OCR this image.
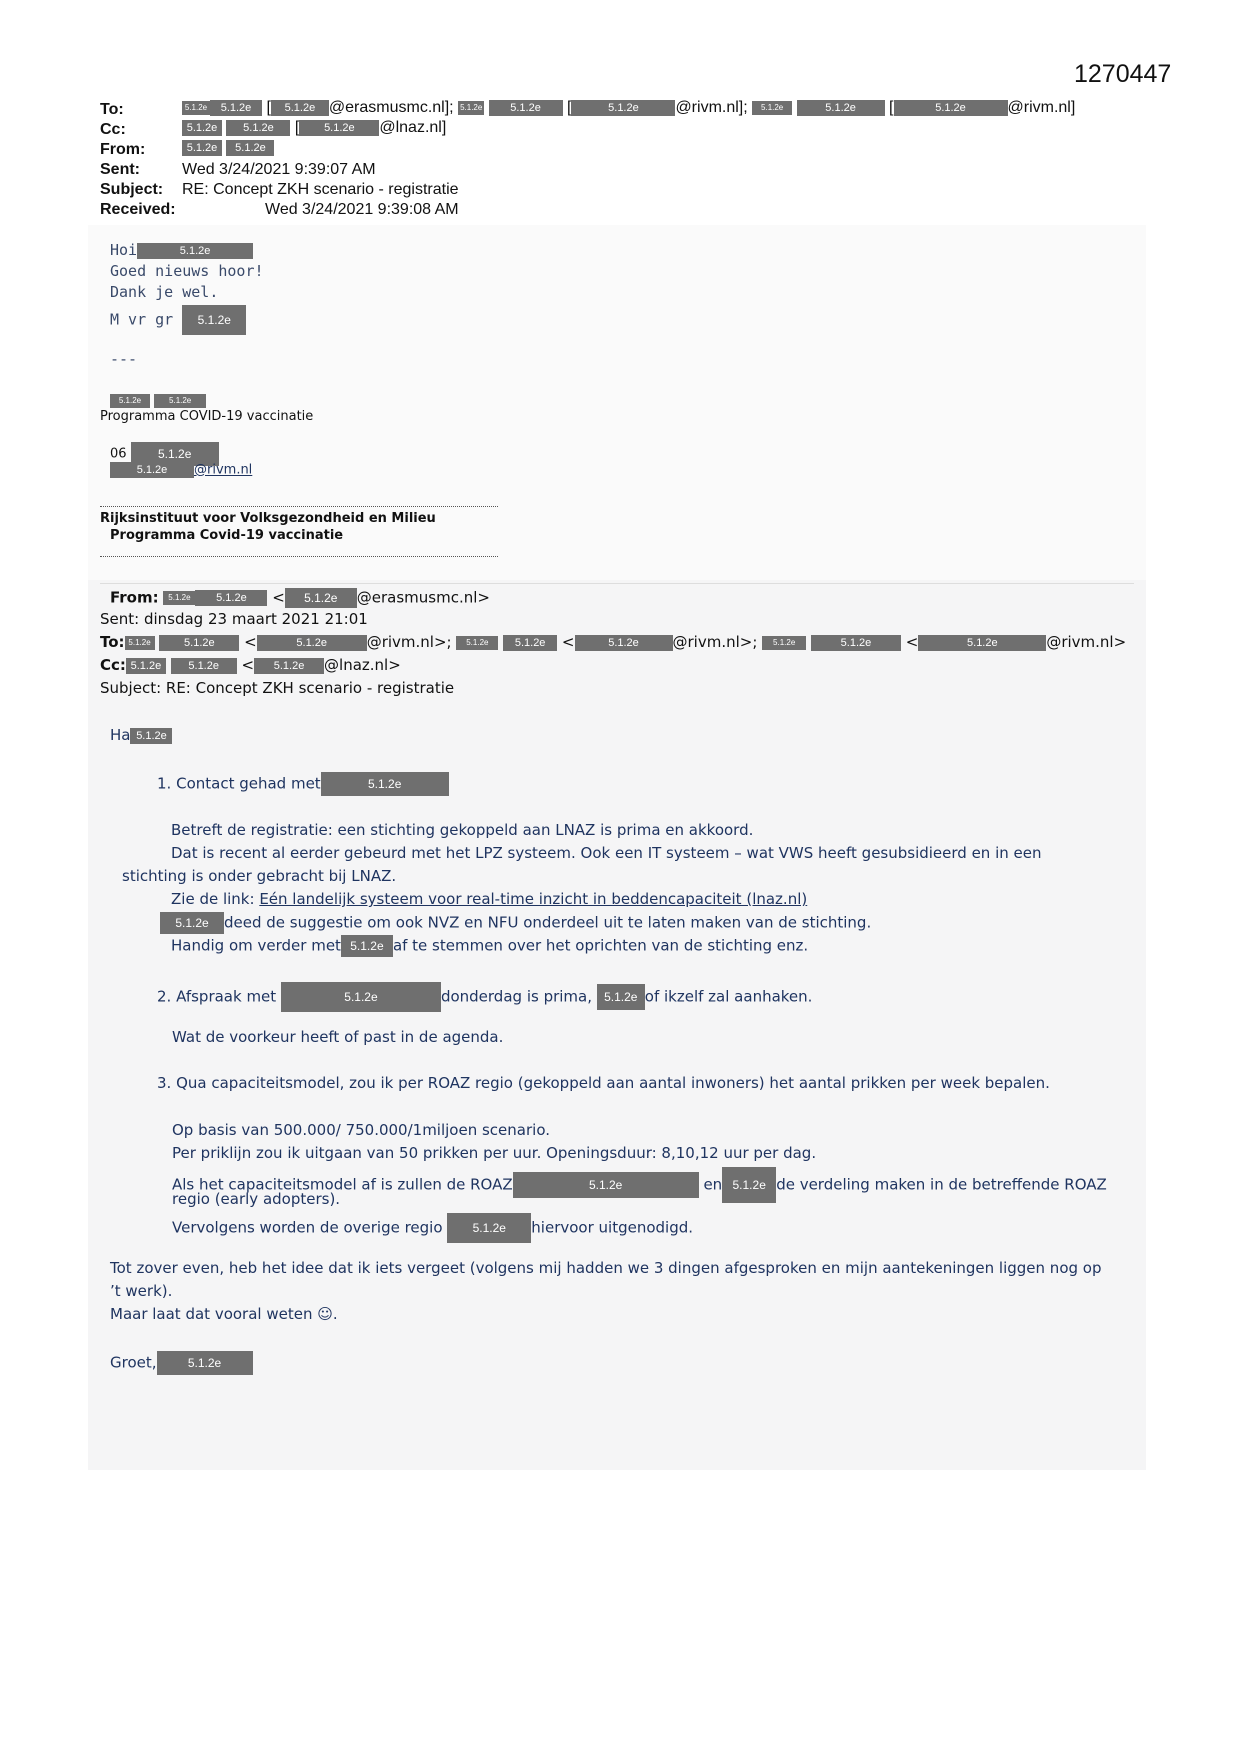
1270447
To:	5.1.2e 5.1.2e [ 5.1.2e @erasmusmc.nl]; 5.1.2e	5.1.2e [	5.1.2e @rivm.nl]; 5.1.2e	5.1.2e [	5.1.2e	@rivm.nl]
Cc:	5.1.2e 5.1.2e [ 5.1.2e @lnaz.nl]
From:	5.1.2e 5.1.2e
Sent:	Wed 3/24/2021 9:39:07 AM
Subject: RE: Concept ZKH scenario - registratie
Received:	Wed 3/24/2021 9:39:08 AM
Hoi	5.1.2e
Goed nieuws hoor!
Dank je wel.
M vr gr 5.1.2e
---
5.1.2e	5.1.2e
Programma COVID-19 vaccinatie
06	5.1.2e
5.1.2e @rivm.nl
Rijksinstituut voor Volksgezondheid en Milieu
Programma Covid-19 vaccinatie
From: 5.1.2e 5.1.2e < 5.1.2e @erasmusmc.nl>
Sent: dinsdag 23 maart 2021 21:01
To: 5.1.2e	5.1.2e <	5.1.2e	@rivm.nl>; 5.1.2e 5.1.2e <	5.1.2e @rivm.nl>; 5.1.2e	5.1.2e <	5.1.2e	@rivm.nl>
Cc: 5.1.2e 5.1.2e < 5.1.2e @lnaz.nl>
Subject: RE: Concept ZKH scenario - registratie
Ha 5.1.2e
1. Contact gehad met	5.1.2e
Betreft de registratie: een stichting gekoppeld aan LNAZ is prima en akkoord.
Dat is recent al eerder gebeurd met het LPZ systeem. Ook een IT systeem – wat VWS heeft gesubsidieerd en in een
stichting is onder gebracht bij LNAZ.
Zie de link: Eén landelijk systeem voor real-time inzicht in beddencapaciteit (lnaz.nl)
5.1.2e deed de suggestie om ook NVZ en NFU onderdeel uit te laten maken van de stichting.
Handig om verder met 5.1.2e af te stemmen over het oprichten van de stichting enz.
2. Afspraak met	5.1.2e	donderdag is prima, 5.1.2e of ikzelf zal aanhaken.
Wat de voorkeur heeft of past in de agenda.
3. Qua capaciteitsmodel, zou ik per ROAZ regio (gekoppeld aan aantal inwoners) het aantal prikken per week bepalen.
Op basis van 500.000/ 750.000/1miljoen scenario.
Per priklijn zou ik uitgaan van 50 prikken per uur. Openingsduur: 8,10,12 uur per dag.
Als het capaciteitsmodel af is zullen de ROAZ	5.1.2e	en 5.1.2e de verdeling maken in de betreffende ROAZ
regio (early adopters).
Vervolgens worden de overige regio	5.1.2e hiervoor uitgenodigd.
Tot zover even, heb het idee dat ik iets vergeet (volgens mij hadden we 3 dingen afgesproken en mijn aantekeningen liggen nog op
’t werk).
Maar laat dat vooral weten ☺.
Groet,	5.1.2e
